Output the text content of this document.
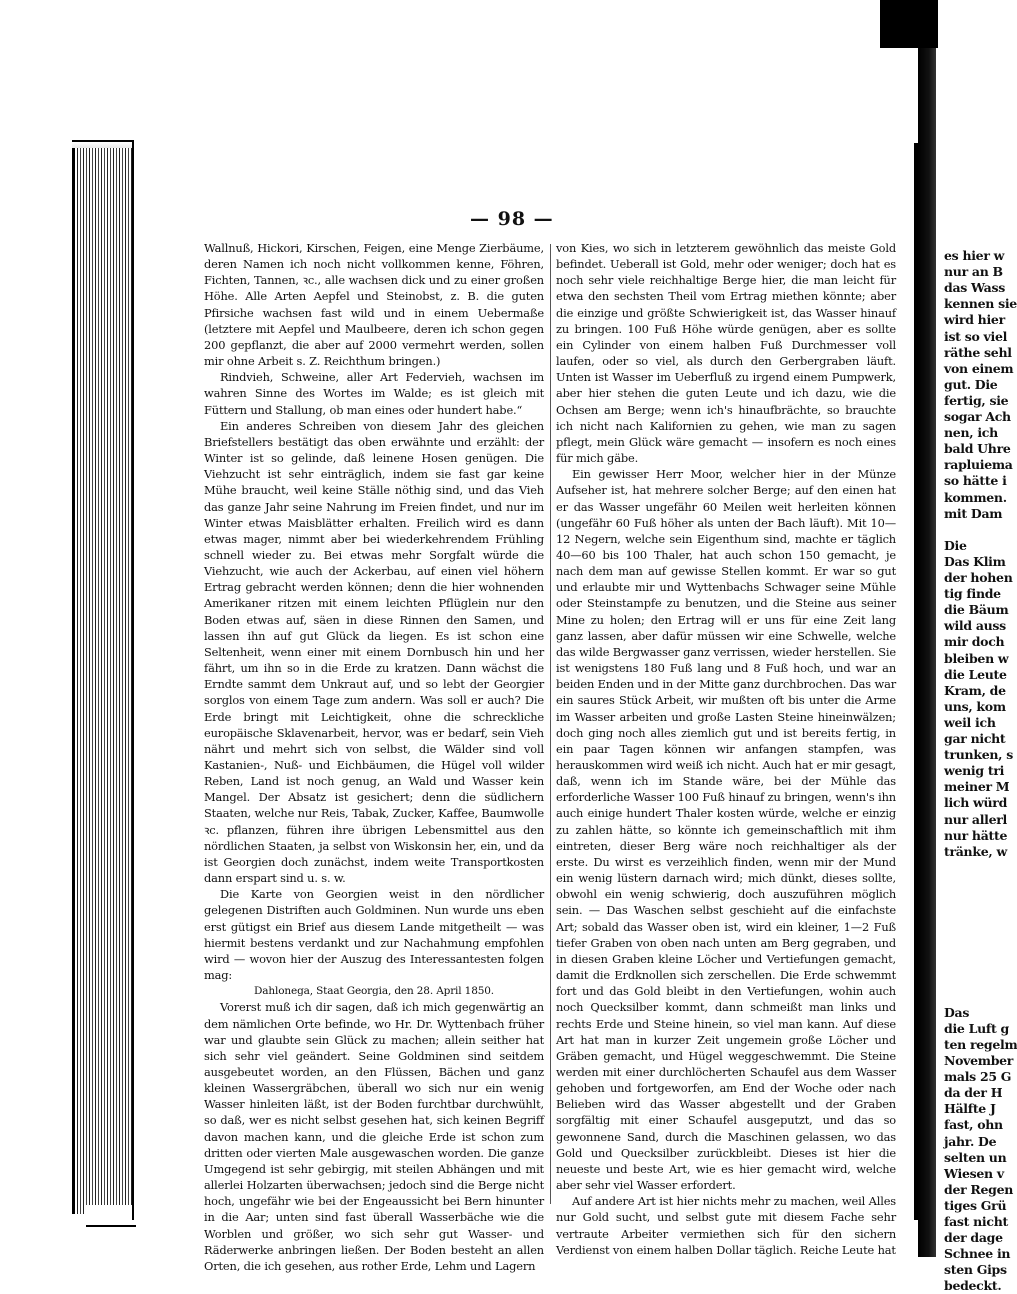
— 98 —

Wallnuß, Hickori, Kirschen, Feigen, eine Menge Zierbäume, deren Namen ich noch nicht vollkommen kenne, Föhren, Fichten, Tannen, ꝛc., alle wachsen dick und zu einer großen Höhe. Alle Arten Aepfel und Steinobst, z. B. die guten Pfirsiche wachsen fast wild und in einem Uebermaße (letztere mit Aepfel und Maulbeere, deren ich schon gegen 200 gepflanzt, die aber auf 2000 vermehrt werden, sollen mir ohne Arbeit s. Z. Reichthum bringen.)

Rindvieh, Schweine, aller Art Federvieh, wachsen im wahren Sinne des Wortes im Walde; es ist gleich mit Füttern und Stallung, ob man eines oder hundert habe.“

Ein anderes Schreiben von diesem Jahr des gleichen Briefstellers bestätigt das oben erwähnte und erzählt: der Winter ist so gelinde, daß leinene Hosen genügen. Die Viehzucht ist sehr einträglich, indem sie fast gar keine Mühe braucht, weil keine Ställe nöthig sind, und das Vieh das ganze Jahr seine Nahrung im Freien findet, und nur im Winter etwas Maisblätter erhalten. Freilich wird es dann etwas mager, nimmt aber bei wiederkehrendem Frühling schnell wieder zu. Bei etwas mehr Sorgfalt würde die Viehzucht, wie auch der Ackerbau, auf einen viel höhern Ertrag gebracht werden können; denn die hier wohnenden Amerikaner ritzen mit einem leichten Pflüglein nur den Boden etwas auf, säen in diese Rinnen den Samen, und lassen ihn auf gut Glück da liegen. Es ist schon eine Seltenheit, wenn einer mit einem Dornbusch hin und her fährt, um ihn so in die Erde zu kratzen. Dann wächst die Erndte sammt dem Unkraut auf, und so lebt der Georgier sorglos von einem Tage zum andern. Was soll er auch? Die Erde bringt mit Leichtigkeit, ohne die schreckliche europäische Sklavenarbeit, hervor, was er bedarf, sein Vieh nährt und mehrt sich von selbst, die Wälder sind voll Kastanien-, Nuß- und Eichbäumen, die Hügel voll wilder Reben, Land ist noch genug, an Wald und Wasser kein Mangel. Der Absatz ist gesichert; denn die südlichern Staaten, welche nur Reis, Tabak, Zucker, Kaffee, Baumwolle ꝛc. pflanzen, führen ihre übrigen Lebensmittel aus den nördlichen Staaten, ja selbst von Wiskonsin her, ein, und da ist Georgien doch zunächst, indem weite Transportkosten dann erspart sind u. s. w.

Die Karte von Georgien weist in den nördlicher gelegenen Distriften auch Goldminen. Nun wurde uns eben erst gütigst ein Brief aus diesem Lande mitgetheilt — was hiermit bestens verdankt und zur Nachahmung empfohlen wird — wovon hier der Auszug des Interessantesten folgen mag:

Dahlonega, Staat Georgia, den 28. April 1850.

Vorerst muß ich dir sagen, daß ich mich gegenwärtig an dem nämlichen Orte befinde, wo Hr. Dr. Wyttenbach früher war und glaubte sein Glück zu machen; allein seither hat sich sehr viel geändert. Seine Goldminen sind seitdem ausgebeutet worden, an den Flüssen, Bächen und ganz kleinen Wassergräbchen, überall wo sich nur ein wenig Wasser hinleiten läßt, ist der Boden furchtbar durchwühlt, so daß, wer es nicht selbst gesehen hat, sich keinen Begriff davon machen kann, und die gleiche Erde ist schon zum dritten oder vierten Male ausgewaschen worden. Die ganze Umgegend ist sehr gebirgig, mit steilen Abhängen und mit allerlei Holzarten überwachsen; jedoch sind die Berge nicht hoch, ungefähr wie bei der Engeaussicht bei Bern hinunter in die Aar; unten sind fast überall Wasserbäche wie die Worblen und größer, wo sich sehr gut Wasser- und Räderwerke anbringen ließen. Der Boden besteht an allen Orten, die ich gesehen, aus rother Erde, Lehm und Lagern

von Kies, wo sich in letzterem gewöhnlich das meiste Gold befindet. Ueberall ist Gold, mehr oder weniger; doch hat es noch sehr viele reichhaltige Berge hier, die man leicht für etwa den sechsten Theil vom Ertrag miethen könnte; aber die einzige und größte Schwierigkeit ist, das Wasser hinauf zu bringen. 100 Fuß Höhe würde genügen, aber es sollte ein Cylinder von einem halben Fuß Durchmesser voll laufen, oder so viel, als durch den Gerbergraben läuft. Unten ist Wasser im Ueberfluß zu irgend einem Pumpwerk, aber hier stehen die guten Leute und ich dazu, wie die Ochsen am Berge; wenn ich's hinaufbrächte, so brauchte ich nicht nach Kalifornien zu gehen, wie man zu sagen pflegt, mein Glück wäre gemacht — insofern es noch eines für mich gäbe.

Ein gewisser Herr Moor, welcher hier in der Münze Aufseher ist, hat mehrere solcher Berge; auf den einen hat er das Wasser ungefähr 60 Meilen weit herleiten können (ungefähr 60 Fuß höher als unten der Bach läuft). Mit 10—12 Negern, welche sein Eigenthum sind, machte er täglich 40—60 bis 100 Thaler, hat auch schon 150 gemacht, je nach dem man auf gewisse Stellen kommt. Er war so gut und erlaubte mir und Wyttenbachs Schwager seine Mühle oder Steinstampfe zu benutzen, und die Steine aus seiner Mine zu holen; den Ertrag will er uns für eine Zeit lang ganz lassen, aber dafür müssen wir eine Schwelle, welche das wilde Bergwasser ganz verrissen, wieder herstellen. Sie ist wenigstens 180 Fuß lang und 8 Fuß hoch, und war an beiden Enden und in der Mitte ganz durchbrochen. Das war ein saures Stück Arbeit, wir mußten oft bis unter die Arme im Wasser arbeiten und große Lasten Steine hineinwälzen; doch ging noch alles ziemlich gut und ist bereits fertig, in ein paar Tagen können wir anfangen stampfen, was herauskommen wird weiß ich nicht. Auch hat er mir gesagt, daß, wenn ich im Stande wäre, bei der Mühle das erforderliche Wasser 100 Fuß hinauf zu bringen, wenn's ihn auch einige hundert Thaler kosten würde, welche er einzig zu zahlen hätte, so könnte ich gemeinschaftlich mit ihm eintreten, dieser Berg wäre noch reichhaltiger als der erste. Du wirst es verzeihlich finden, wenn mir der Mund ein wenig lüstern darnach wird; mich dünkt, dieses sollte, obwohl ein wenig schwierig, doch auszuführen möglich sein. — Das Waschen selbst geschieht auf die einfachste Art; sobald das Wasser oben ist, wird ein kleiner, 1—2 Fuß tiefer Graben von oben nach unten am Berg gegraben, und in diesen Graben kleine Löcher und Vertiefungen gemacht, damit die Erdknollen sich zerschellen. Die Erde schwemmt fort und das Gold bleibt in den Vertiefungen, wohin auch noch Quecksilber kommt, dann schmeißt man links und rechts Erde und Steine hinein, so viel man kann. Auf diese Art hat man in kurzer Zeit ungemein große Löcher und Gräben gemacht, und Hügel weggeschwemmt. Die Steine werden mit einer durchlöcherten Schaufel aus dem Wasser gehoben und fortgeworfen, am End der Woche oder nach Belieben wird das Wasser abgestellt und der Graben sorgfältig mit einer Schaufel ausgeputzt, und das so gewonnene Sand, durch die Maschinen gelassen, wo das Gold und Quecksilber zurückbleibt. Dieses ist hier die neueste und beste Art, wie es hier gemacht wird, welche aber sehr viel Wasser erfordert.

Auf andere Art ist hier nichts mehr zu machen, weil Alles nur Gold sucht, und selbst gute mit diesem Fache sehr vertraute Arbeiter vermiethen sich für den sichern Verdienst von einem halben Dollar täglich. Reiche Leute hat

es hier w
nur an B
das Wass
kennen sie
wird hier
ist so viel
räthe sehl
von einem
gut. Die
fertig, sie
sogar Ach
nen, ich
bald Uhre
rapluiema
so hätte i
kommen.
mit Dam
Die
Das Klim
der hohen
tig finde
die Bäum
wild auss
mir doch
bleiben w
die Leute
Kram, de
uns, kom
weil ich
gar nicht
trunken, s
wenig tri
meiner M
lich würd
nur allerl
nur hätte
tränke, w
Das
die Luft g
ten regelm
November
mals 25 G
da der H
Hälfte J
fast, ohn
jahr. De
selten un
Wiesen v
der Regen
tiges Grü
fast nicht
der dage
Schnee in
sten Gips
bedeckt.
